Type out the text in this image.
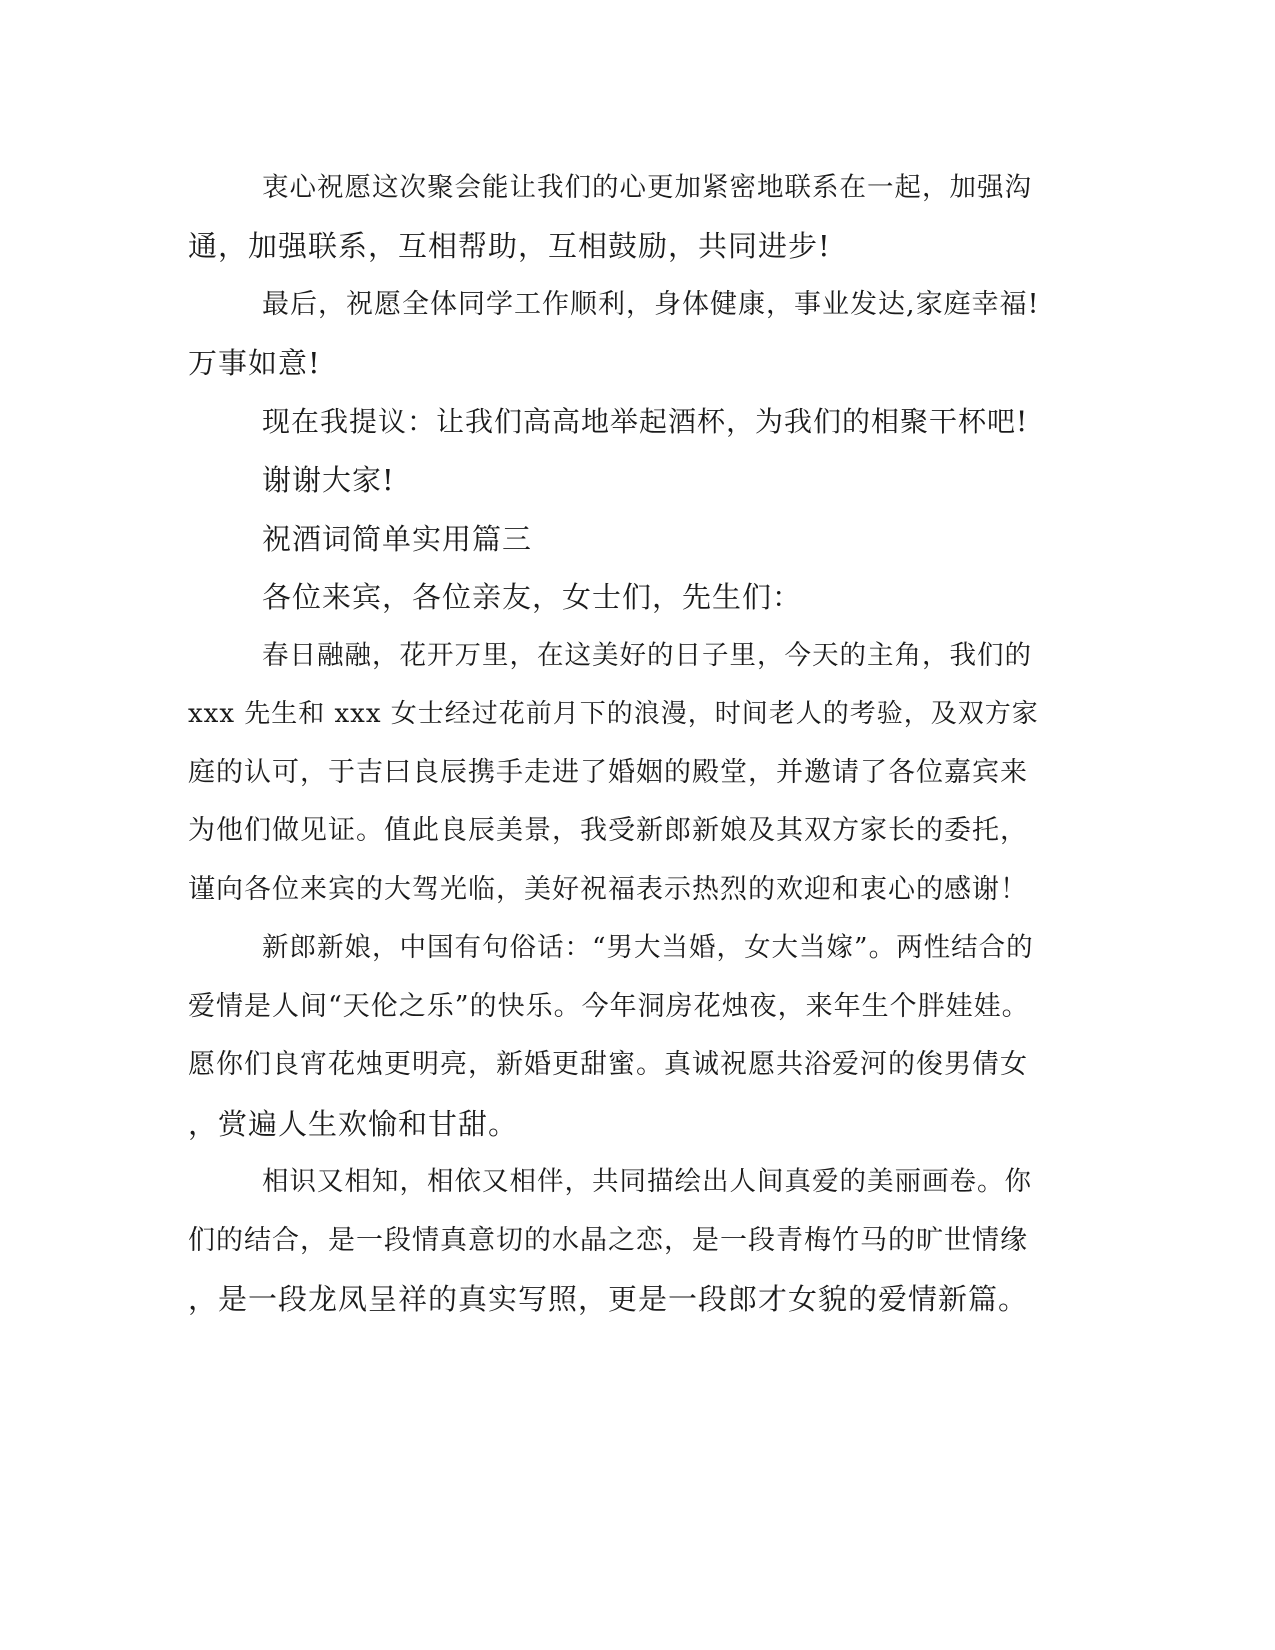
衷心祝愿这次聚会能让我们的心更加紧密地联系在一起，加强沟
通，加强联系，互相帮助，互相鼓励，共同进步!
最后，祝愿全体同学工作顺利，身体健康，事业发达,家庭幸福!
万事如意!
现在我提议：让我们高高地举起酒杯，为我们的相聚干杯吧!
谢谢大家!
祝酒词简单实用篇三
各位来宾，各位亲友，女士们，先生们：
春日融融，花开万里，在这美好的日子里，今天的主角，我们的
xxx 先生和 xxx 女士经过花前月下的浪漫，时间老人的考验，及双方家
庭的认可，于吉曰良辰携手走进了婚姻的殿堂，并邀请了各位嘉宾来
为他们做见证。值此良辰美景，我受新郎新娘及其双方家长的委托，
谨向各位来宾的大驾光临，美好祝福表示热烈的欢迎和衷心的感谢！
新郎新娘，中国有句俗话：“男大当婚，女大当嫁”。两性结合的
爱情是人间“天伦之乐”的快乐。今年洞房花烛夜，来年生个胖娃娃。
愿你们良宵花烛更明亮，新婚更甜蜜。真诚祝愿共浴爱河的俊男倩女
，赏遍人生欢愉和甘甜。
相识又相知，相依又相伴，共同描绘出人间真爱的美丽画卷。你
们的结合，是一段情真意切的水晶之恋，是一段青梅竹马的旷世情缘
，是一段龙凤呈祥的真实写照，更是一段郎才女貌的爱情新篇。
